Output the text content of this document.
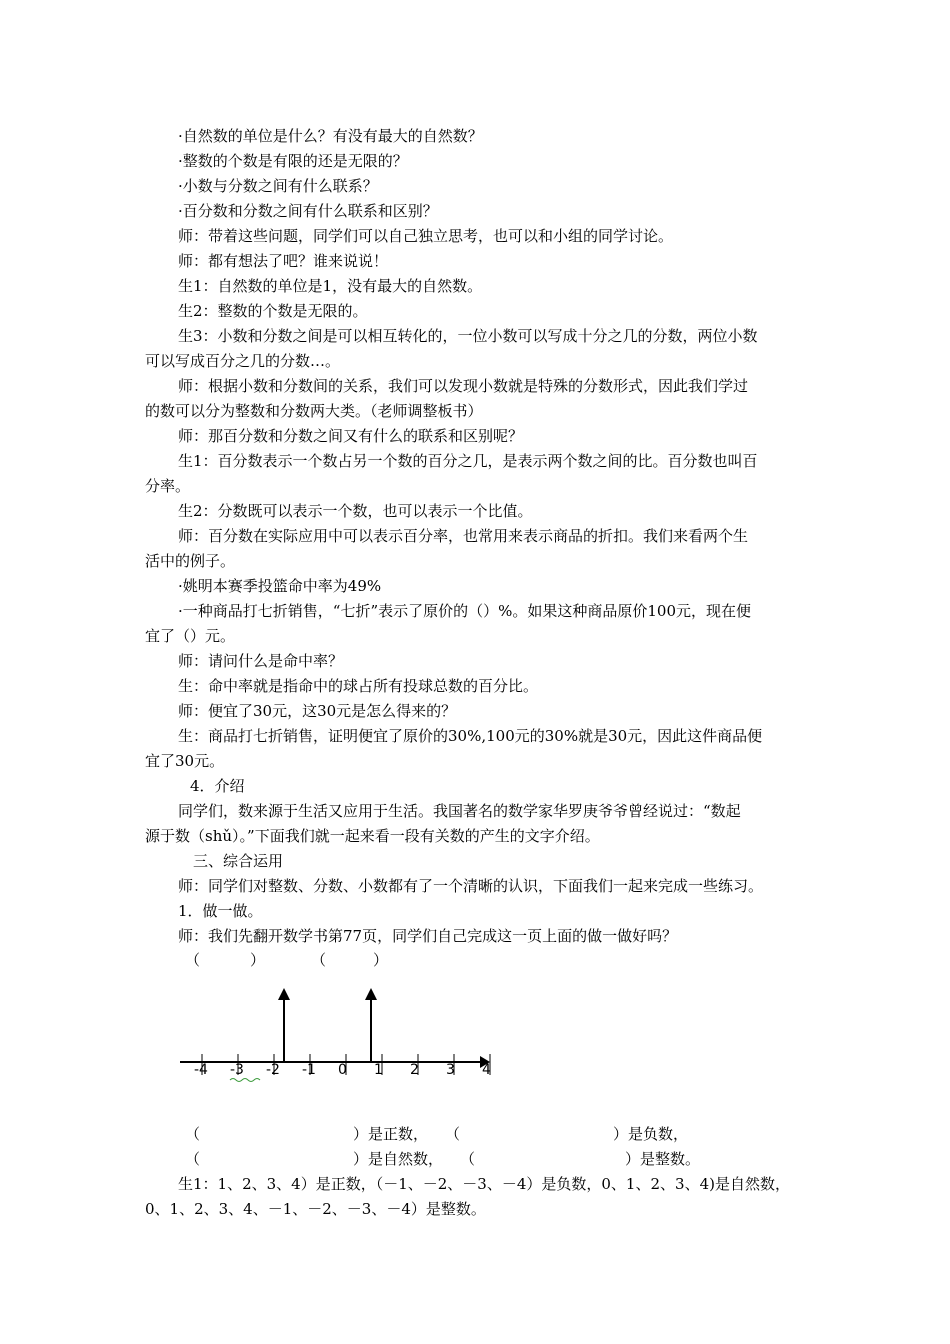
·自然数的单位是什么？有没有最大的自然数？
·整数的个数是有限的还是无限的？
·小数与分数之间有什么联系？
·百分数和分数之间有什么联系和区别？
师：带着这些问题，同学们可以自己独立思考，也可以和小组的同学讨论。
师：都有想法了吧？谁来说说！
生1：自然数的单位是1，没有最大的自然数。
生2：整数的个数是无限的。
生3：小数和分数之间是可以相互转化的，一位小数可以写成十分之几的分数，两位小数
可以写成百分之几的分数…。
师：根据小数和分数间的关系，我们可以发现小数就是特殊的分数形式，因此我们学过
的数可以分为整数和分数两大类。（老师调整板书）
师：那百分数和分数之间又有什么的联系和区别呢？
生1：百分数表示一个数占另一个数的百分之几，是表示两个数之间的比。百分数也叫百
分率。
生2：分数既可以表示一个数，也可以表示一个比值。
师：百分数在实际应用中可以表示百分率，也常用来表示商品的折扣。我们来看两个生
活中的例子。
·姚明本赛季投篮命中率为49%
·一种商品打七折销售，“七折”表示了原价的（）%。如果这种商品原价100元，现在便
宜了（）元。
师：请问什么是命中率？
生：命中率就是指命中的球占所有投球总数的百分比。
师：便宜了30元，这30元是怎么得来的？
生：商品打七折销售，证明便宜了原价的30%,100元的30%就是30元，因此这件商品便
宜了30元。
4．介绍
同学们，数来源于生活又应用于生活。我国著名的数学家华罗庚爷爷曾经说过：“数起
源于数（shǔ）。”下面我们就一起来看一段有关数的产生的文字介绍。
三、综合运用
师：同学们对整数、分数、小数都有了一个清晰的认识，下面我们一起来完成一些练习。
1．做一做。
师：我们先翻开数学书第77页，同学们自己完成这一页上面的做一做好吗？
（	）	（	）
-4 -3 -2 -1 0 1 2 3 4
（	）是正数， （	）是负数，
（	）是自然数， （	）是整数。
生1：1、2、3、4）是正数，（－1、－2、－3、－4）是负数，0、1、2、3、4)是自然数，
0、1、2、3、4、－1、－2、－3、－4）是整数。
